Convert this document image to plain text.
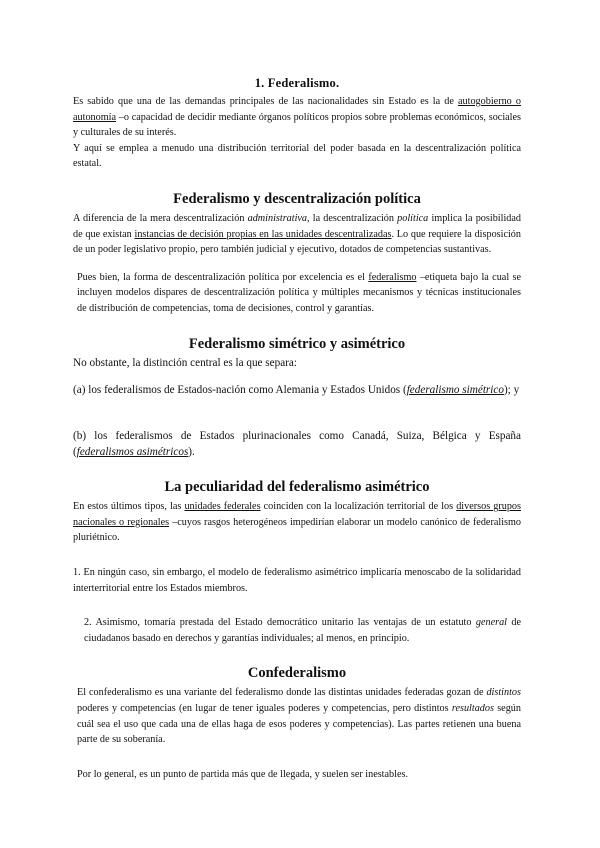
1. Federalismo.

Es sabido que una de las demandas principales de las nacionalidades sin Estado es la de autogobierno o autonomía –o capacidad de decidir mediante órganos políticos propios sobre problemas económicos, sociales y culturales de su interés.

Y aquí se emplea a menudo una distribución territorial del poder basada en la descentralización política estatal.

Federalismo y descentralización política

A diferencia de la mera descentralización administrativa, la descentralización política implica la posibilidad de que existan instancias de decisión propias en las unidades descentralizadas. Lo que requiere la disposición de un poder legislativo propio, pero también judicial y ejecutivo, dotados de competencias sustantivas.

Pues bien, la forma de descentralización política por excelencia es el federalismo –etiqueta bajo la cual se incluyen modelos dispares de descentralización política y múltiples mecanismos y técnicas institucionales de distribución de competencias, toma de decisiones, control y garantías.

Federalismo simétrico y asimétrico

No obstante, la distinción central es la que separa:

(a) los federalismos de Estados-nación como Alemania y Estados Unidos (federalismo simétrico); y

(b) los federalismos de Estados plurinacionales como Canadá, Suiza, Bélgica y España (federalismos asimétricos).

La peculiaridad del federalismo asimétrico

En estos últimos tipos, las unidades federales coinciden con la localización territorial de los diversos grupos nacionales o regionales –cuyos rasgos heterogéneos impedirían elaborar un modelo canónico de federalismo pluriétnico.

1. En ningún caso, sin embargo, el modelo de federalismo asimétrico implicaría menoscabo de la solidaridad interterritorial entre los Estados miembros.

2. Asimismo, tomaría prestada del Estado democrático unitario las ventajas de un estatuto general de ciudadanos basado en derechos y garantías individuales; al menos, en principio.

Confederalismo

El confederalismo es una variante del federalismo donde las distintas unidades federadas gozan de distintos poderes y competencias (en lugar de tener iguales poderes y competencias, pero distintos resultados según cuál sea el uso que cada una de ellas haga de esos poderes y competencias). Las partes retienen una buena parte de su soberanía.

Por lo general, es un punto de partida más que de llegada, y suelen ser inestables.
